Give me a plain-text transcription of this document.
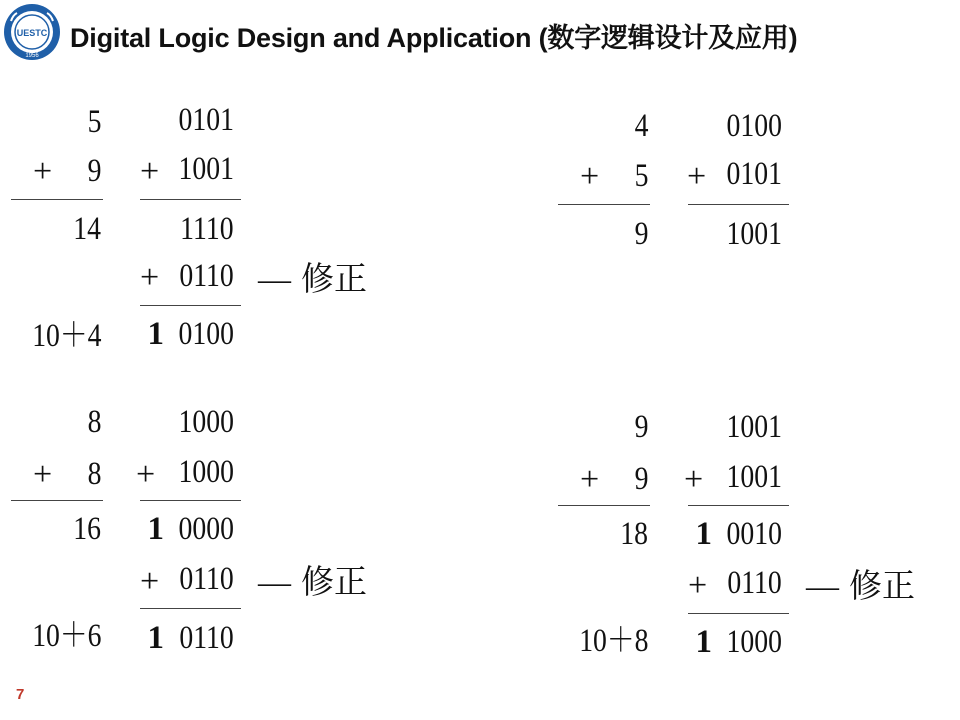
UESTC
1956
Digital Logic Design and Application (数字逻辑设计及应用)
5
+ 9
14
10＋4
0101
+ 1001
1110
+ 0110 — 修正
1 0100
4
+ 5
9
0100
+ 0101
1001
8
+ 8
16
10＋6
1000
+ 1000
1 0000
+ 0110 — 修正
1 0110
9
+ 9
18
10＋8
1001
+ 1001
1 0010
+ 0110 — 修正
1 1000
7
